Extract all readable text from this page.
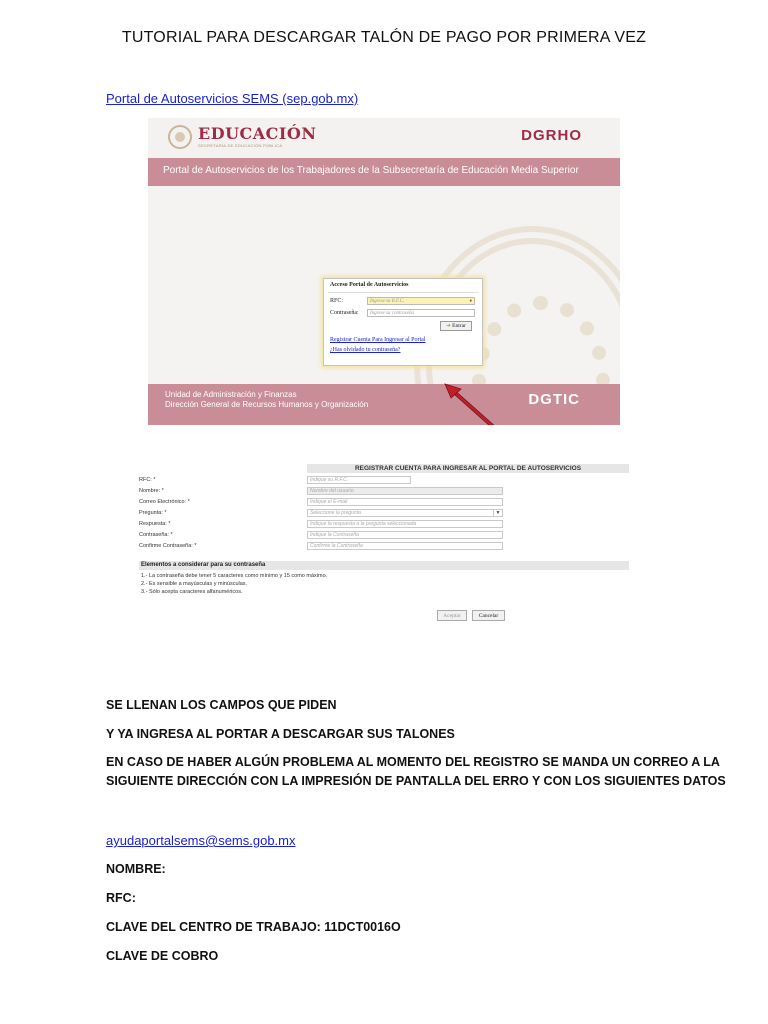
TUTORIAL PARA DESCARGAR TALÓN DE PAGO POR PRIMERA VEZ
Portal de Autoservicios SEMS (sep.gob.mx)
EDUCACIÓN
SECRETARÍA DE EDUCACIÓN PÚBLICA
DGRHO
Portal de Autoservicios de los Trabajadores de la Subsecretaría de Educación Media Superior
Unidad de Administración y Finanzas
Dirección General de Recursos Humanos y Organización	DGTIC
Acceso Portal de Autoservicios
RFC:	Ingrese su R.F.C.	♦
Contraseña:	Ingrese su contraseña
➜ Entrar
Registrar Cuenta Para Ingresar al Portal
¿Has olvidado tu contraseña?
REGISTRAR CUENTA PARA INGRESAR AL PORTAL DE AUTOSERVICIOS
RFC: *	Indique su R.F.C.
Nombre: *	Nombre del usuario
Correo Electrónico: *	Indique el E-mail
Pregunta: *	Seleccione la pregunta	▼
Respuesta: *	Indique la respuesta a la pregunta seleccionada
Contraseña: *	Indique la Contraseña
Confirme Contraseña: *	Confirme la Contraseña
Elementos a considerar para su contraseña
1.- La contraseña debe tener 5 caracteres como mínimo y 15 como máximo.
2.- Es sensible a mayúsculas y minúsculas.
3.- Sólo acepta caracteres alfanuméricos.
Aceptar	Cancelar
SE LLENAN LOS CAMPOS QUE PIDEN
Y YA INGRESA AL PORTAR A DESCARGAR SUS TALONES
EN CASO DE HABER ALGÚN PROBLEMA AL MOMENTO DEL REGISTRO SE MANDA UN CORREO A LA
SIGUIENTE DIRECCIÓN CON LA IMPRESIÓN DE PANTALLA DEL ERRO Y CON LOS SIGUIENTES DATOS
ayudaportalsems@sems.gob.mx
NOMBRE:
RFC:
CLAVE DEL CENTRO DE TRABAJO: 11DCT0016O
CLAVE DE COBRO
